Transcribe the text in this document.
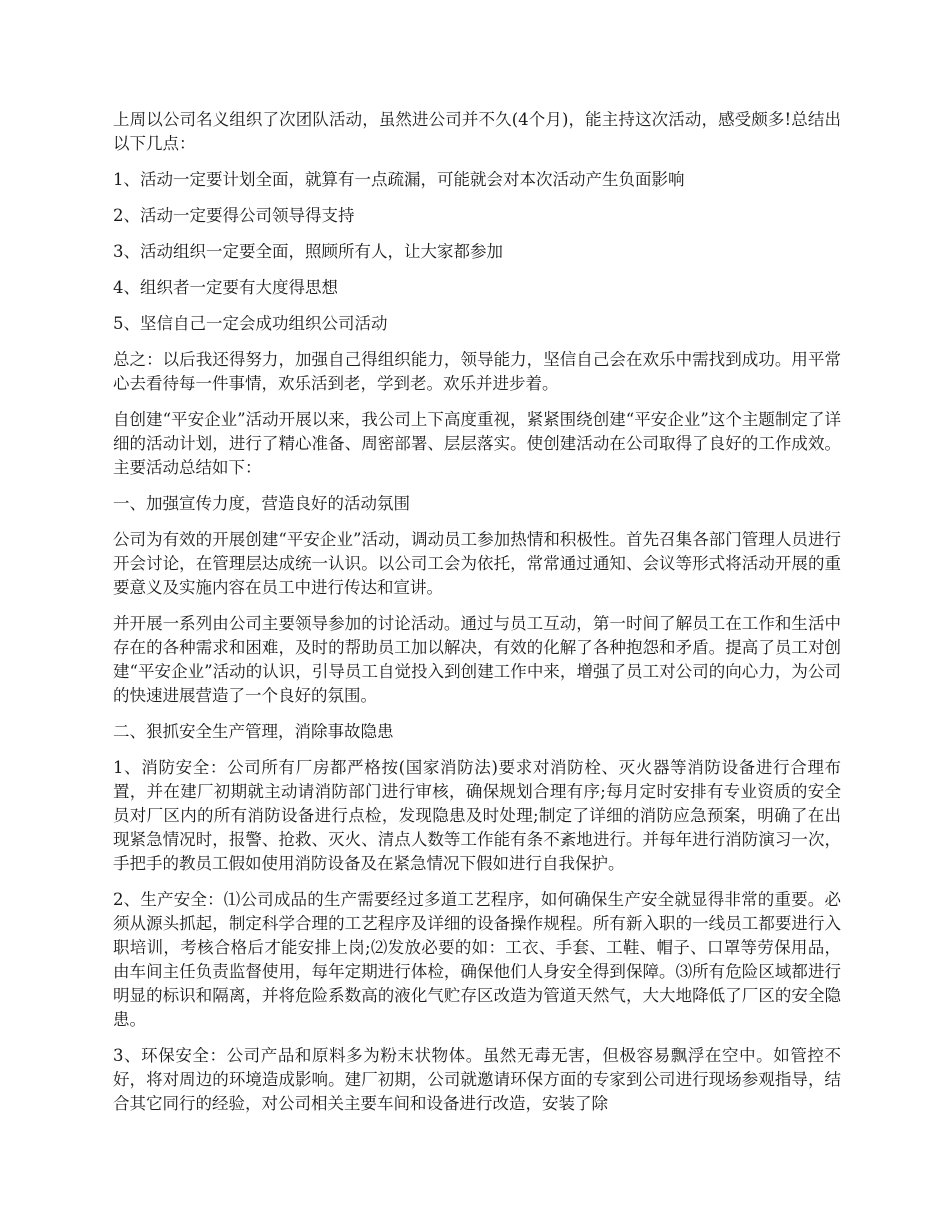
上周以公司名义组织了次团队活动，虽然进公司并不久(4个月)，能主持这次活动，感受颇多!总结出以下几点：

1、活动一定要计划全面，就算有一点疏漏，可能就会对本次活动产生负面影响

2、活动一定要得公司领导得支持

3、活动组织一定要全面，照顾所有人，让大家都参加

4、组织者一定要有大度得思想

5、坚信自己一定会成功组织公司活动

总之：以后我还得努力，加强自己得组织能力，领导能力，坚信自己会在欢乐中需找到成功。用平常心去看待每一件事情，欢乐活到老，学到老。欢乐并进步着。

自创建“平安企业”活动开展以来，我公司上下高度重视，紧紧围绕创建“平安企业”这个主题制定了详细的活动计划，进行了精心准备、周密部署、层层落实。使创建活动在公司取得了良好的工作成效。主要活动总结如下：

一、加强宣传力度，营造良好的活动氛围

公司为有效的开展创建“平安企业”活动，调动员工参加热情和积极性。首先召集各部门管理人员进行开会讨论，在管理层达成统一认识。以公司工会为依托，常常通过通知、会议等形式将活动开展的重要意义及实施内容在员工中进行传达和宣讲。

并开展一系列由公司主要领导参加的讨论活动。通过与员工互动，第一时间了解员工在工作和生活中存在的各种需求和困难，及时的帮助员工加以解决，有效的化解了各种抱怨和矛盾。提高了员工对创建“平安企业”活动的认识，引导员工自觉投入到创建工作中来，增强了员工对公司的向心力，为公司的快速进展营造了一个良好的氛围。

二、狠抓安全生产管理，消除事故隐患

1、消防安全：公司所有厂房都严格按(国家消防法)要求对消防栓、灭火器等消防设备进行合理布置，并在建厂初期就主动请消防部门进行审核，确保规划合理有序;每月定时安排有专业资质的安全员对厂区内的所有消防设备进行点检，发现隐患及时处理;制定了详细的消防应急预案，明确了在出现紧急情况时，报警、抢救、灭火、清点人数等工作能有条不紊地进行。并每年进行消防演习一次，手把手的教员工假如使用消防设备及在紧急情况下假如进行自我保护。

2、生产安全：⑴公司成品的生产需要经过多道工艺程序，如何确保生产安全就显得非常的重要。必须从源头抓起，制定科学合理的工艺程序及详细的设备操作规程。所有新入职的一线员工都要进行入职培训，考核合格后才能安排上岗;⑵发放必要的如：工衣、手套、工鞋、帽子、口罩等劳保用品，由车间主任负责监督使用，每年定期进行体检，确保他们人身安全得到保障。⑶所有危险区域都进行明显的标识和隔离，并将危险系数高的液化气贮存区改造为管道天然气，大大地降低了厂区的安全隐患。

3、环保安全：公司产品和原料多为粉末状物体。虽然无毒无害，但极容易飘浮在空中。如管控不好，将对周边的环境造成影响。建厂初期，公司就邀请环保方面的专家到公司进行现场参观指导，结合其它同行的经验，对公司相关主要车间和设备进行改造，安装了除
